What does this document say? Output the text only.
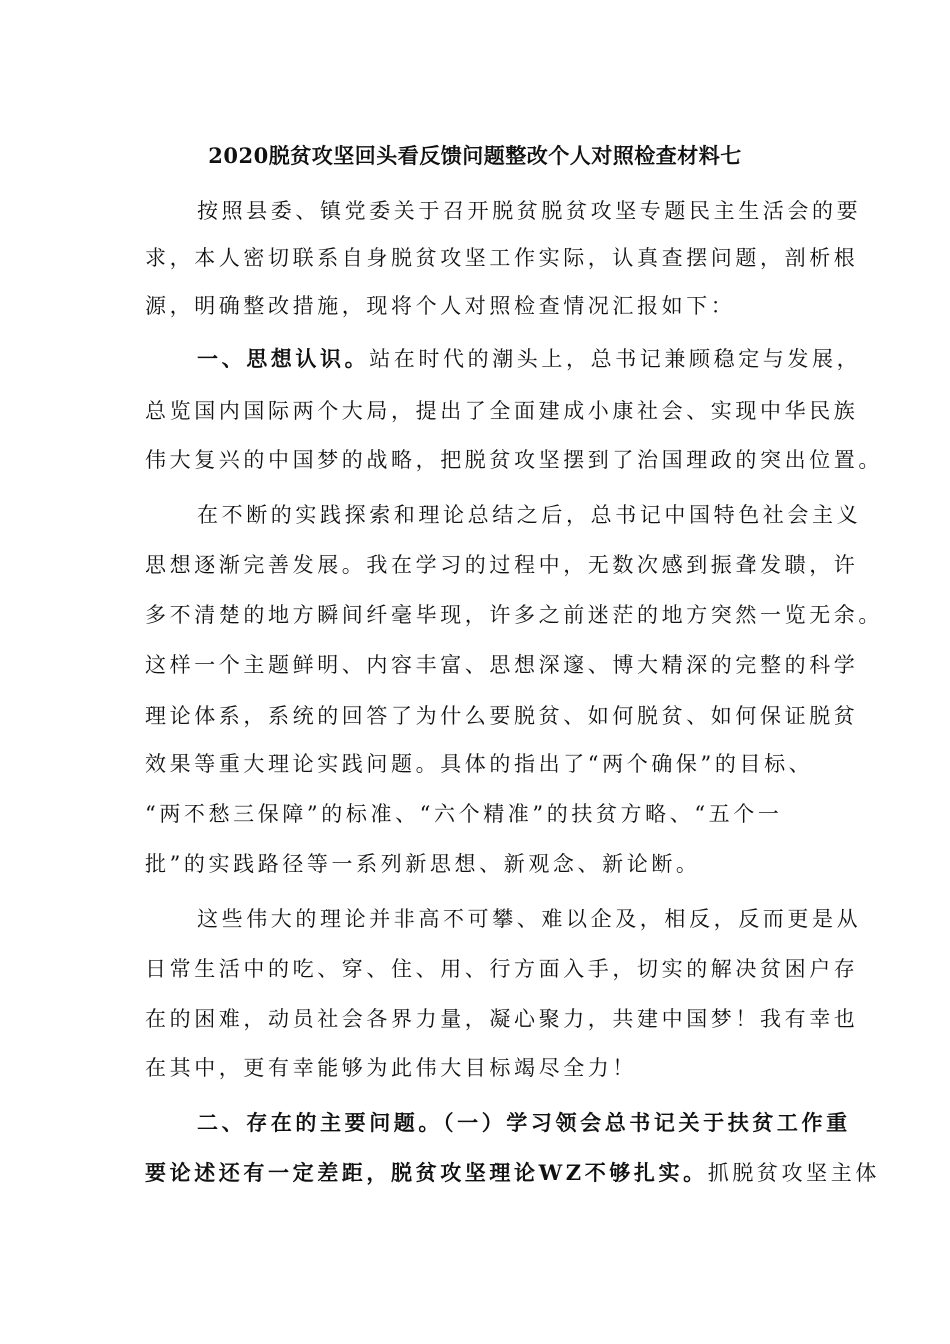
2020脱贫攻坚回头看反馈问题整改个人对照检查材料七
按照县委、镇党委关于召开脱贫脱贫攻坚专题民主生活会的要
求，本人密切联系自身脱贫攻坚工作实际，认真查摆问题，剖析根
源，明确整改措施，现将个人对照检查情况汇报如下：
一、思想认识。站在时代的潮头上，总书记兼顾稳定与发展，
总览国内国际两个大局，提出了全面建成小康社会、实现中华民族
伟大复兴的中国梦的战略，把脱贫攻坚摆到了治国理政的突出位置。
在不断的实践探索和理论总结之后，总书记中国特色社会主义
思想逐渐完善发展。我在学习的过程中，无数次感到振聋发聩，许
多不清楚的地方瞬间纤毫毕现，许多之前迷茫的地方突然一览无余。
这样一个主题鲜明、内容丰富、思想深邃、博大精深的完整的科学
理论体系，系统的回答了为什么要脱贫、如何脱贫、如何保证脱贫
效果等重大理论实践问题。具体的指出了“两个确保”的目标、
“两不愁三保障”的标准、“六个精准”的扶贫方略、“五个一
批”的实践路径等一系列新思想、新观念、新论断。
这些伟大的理论并非高不可攀、难以企及，相反，反而更是从
日常生活中的吃、穿、住、用、行方面入手，切实的解决贫困户存
在的困难，动员社会各界力量，凝心聚力，共建中国梦！我有幸也
在其中，更有幸能够为此伟大目标竭尽全力！
二、存在的主要问题。（一）学习领会总书记关于扶贫工作重
要论述还有一定差距，脱贫攻坚理论WZ不够扎实。抓脱贫攻坚主体
